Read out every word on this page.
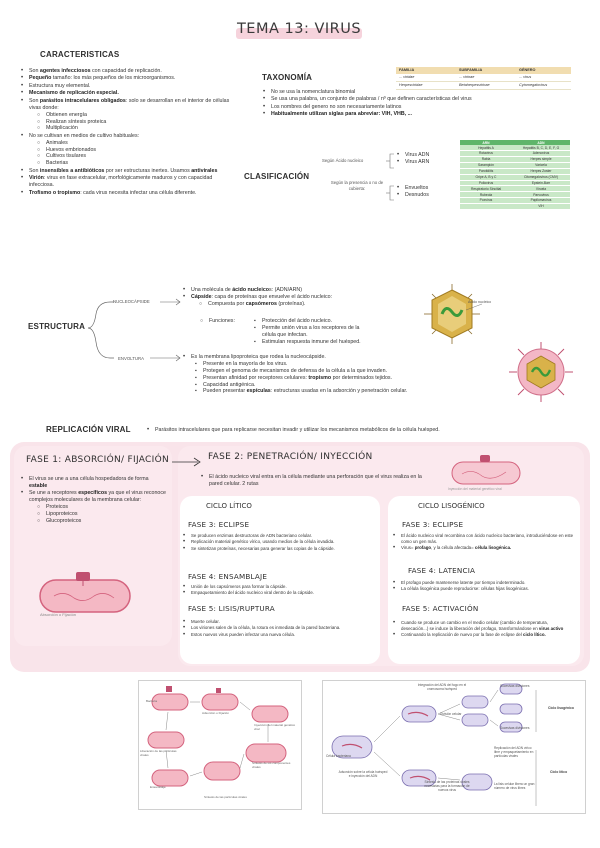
TEMA 13: VIRUS
CARACTERISTICAS
• Son agentes infecciosos con capacidad de replicación.
• Pequeño tamaño: los más pequeños de los microorganismos.
• Estructura muy elemental.
• Mecanismo de replicación especial.
• Son parásitos intracelulares obligados: solo se desarrollan en el interior de células vivas donde:
○ Obtienen energía
○ Realizan síntesis proteica
○ Multiplicación
• No se cultivan en medios de cultivo habituales:
○ Animales
○ Huevos embrionados
○ Cultivos tisulares
○ Bacterias
• Son insensibles a antibióticos por ser estructuras inertes. Usamos antivirales
• Virión: virus en fase extracelular, morfológicamente maduros y con capacidad infecciosa.
• Trofismo o tropismo: cada virus necesita infectar una célula diferente.
TAXONOMÍA
FAMILIA	SUBFAMILIA	GÉNERO
... viridae	... virinae	... virus
Herpesviridae	Betaherpesvirinae	Cytomegalovirus
• No se usa la nomenclatura binomial
• Se usa una palabra, un conjunto de palabras / nº que definen características del virus
• Los nombres del genero no son necesariamente latinos
• Habitualmente utilizan siglas para abreviar: VIH, VHB, ...
CLASIFICACIÓN
Según Ácido nucleico
Según la presencia o no de cubierta:
• Virus ADN
• Virus ARN
• Envueltos
• Desnudos
ARN	ADN
Hepatitis A	Hepatitis B, C, D, E, F, G
Rotavirus	Adenovirus
Rabia	Herpes simple
Sarampión	Varicela
Parotiditis	Herpes Zoster
Gripe A, B y C	Citomegalovirus (CMV)
Poliovirus	Epstein-Barr
Respiratorio Sincitial	Viruela
Rubeola	Parvovirus
Poxvirus	Papilomavirus
	VIH
ESTRUCTURA
NUCLEOCÁPSIDE
ENVOLTURA
• Una molécula de ácido nucleicos: (ADN/ARN)
• Cápside: capa de proteínas que envuelve el ácido nucleico:
○ Compuesta por capsómeros (proteínas).
○ Funciones:	▪ Protección del ácido nucleico.
▪ Permite unión virus a los receptores de la célula que infectan.
▪ Estimulan respuesta inmune del huésped.
• Es la membrana lipoproteica que rodea la nucleocápside.
▪ Presente en la mayoría de los virus.
▪ Protegen el genoma de mecanismos de defensa de la célula a la que invaden.
▪ Presentan afinidad por receptores celulares: tropismo por determinados tejidos.
▪ Capacidad antigénica.
▪ Pueden presentar espículas: estructuras usadas en la adsorción y penetración celular.
Ácido nucleico
REPLICACIÓN VIRAL	• Parásitos intracelulares que para replicarse necesitan invadir y utilizar los mecanismos metabólicos de la célula huésped.
FASE 1: ABSORCIÓN/ FIJACIÓN
• El virus se une a una célula hospedadora de forma estable
• Se une a receptores específicos ya que el virus reconoce complejos moleculares de la membrana celular:
○ Proteicos
○ Lipoproteicos
○ Glucoproteicos
Absorción o Fijación
FASE 2: PENETRACIÓN/ INYECCIÓN
• El ácido nucleico viral entra en la célula mediante una perforación que el virus realiza en la pared celular. 2 rutas
Inyección del material genético viral
CICLO LÍTICO
FASE 3: ECLIPSE
• Se producen enzimas destructoras de ADN bacteriano celular.
• Replicación material genético vírico, usando medios de la célula invadida.
• Se sintetizan proteínas, necesarias para generar las copias de la cápside.
FASE 4: ENSAMBLAJE
• Unión de los capsómeros para formar la cápside.
• Empaquetamiento del ácido nucleico viral dentro de la cápside.
FASE 5: LISIS/RUPTURA
• Muerte celular.
• Los viriones salen de la célula, la rotura es inmediata de la pared bacteriana.
• Estos nuevos virus pueden infectar una nueva célula.
CICLO LISOGÉNICO
FASE 3: ECLIPSE
• El ácido nucleico viral recombina con ácido nucleico bacteriano, introduciéndose en este como un gen más.
• Virus= profago, y la célula afectada= célula lisogénica.
FASE 4: LATENCIA
• El profago puede mantenerse latente por tiempo indeterminado.
• La célula lisogénica puede reproducirse: células hijas lisogénicas.
FASE 5: ACTIVACIÓN
• Cuando se produce un cambio en el medio celular (cambio de temperatura, desecación...) se induce la liberación del profago, transformándose en virus activo
• Continuando la replicación de nuevo por la fase de eclipse del ciclo lítico.
Bacteria
Adsorción o Fijación
Inyección del material genético viral
Liberación de las partículas virales
Ensamblaje
Síntesis de los componentes virales
Síntesis de las partículas virales
Integración del ADN del fago en el cromosoma huésped
Sucesivas divisiones
División celular
Sucesivas divisiones
Ciclo lisogénico
Célula bacteriana
Adsorción sobre la célula huésped e inyección del ADN
Síntesis de las proteínas virales necesarias para la formación de nuevos virus
Replicación del ADN vírico libre y empaquetamiento en partículas virales
La lisis celular libera un gran número de virus libres
Ciclo lítico
